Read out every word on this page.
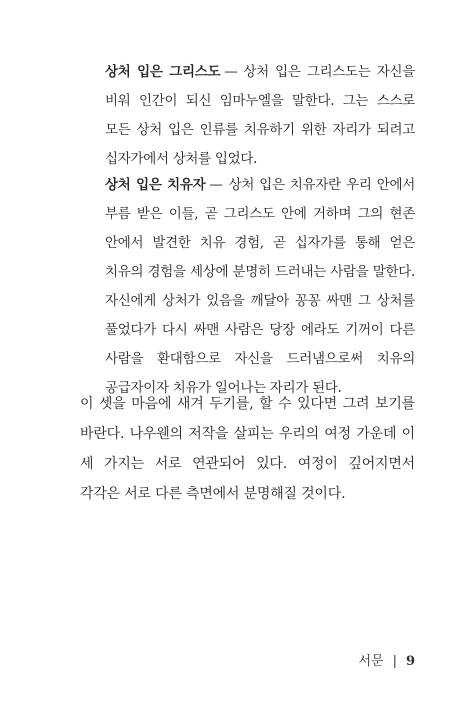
상처 입은 그리스도 — 상처 입은 그리스도는 자신을 비워 인간이 되신 임마누엘을 말한다. 그는 스스로 모든 상처 입은 인류를 치유하기 위한 자리가 되려고 십자가에서 상처를 입었다.
상처 입은 치유자 — 상처 입은 치유자란 우리 안에서 부름 받은 이들, 곧 그리스도 안에 거하며 그의 현존 안에서 발견한 치유 경험, 곧 십자가를 통해 얻은 치유의 경험을 세상에 분명히 드러내는 사람을 말한다. 자신에게 상처가 있음을 깨달아 꽁꽁 싸맨 그 상처를 풀었다가 다시 싸맨 사람은 당장 에라도 기꺼이 다른 사람을 환대함으로 자신을 드러냄으로써 치유의 공급자이자 치유가 일어나는 자리가 된다.
이 셋을 마음에 새겨 두기를, 할 수 있다면 그려 보기를 바란다. 나우웬의 저작을 살피는 우리의 여정 가운데 이 세 가지는 서로 연관되어 있다. 여정이 깊어지면서 각각은 서로 다른 측면에서 분명해질 것이다.
서문 | 9
